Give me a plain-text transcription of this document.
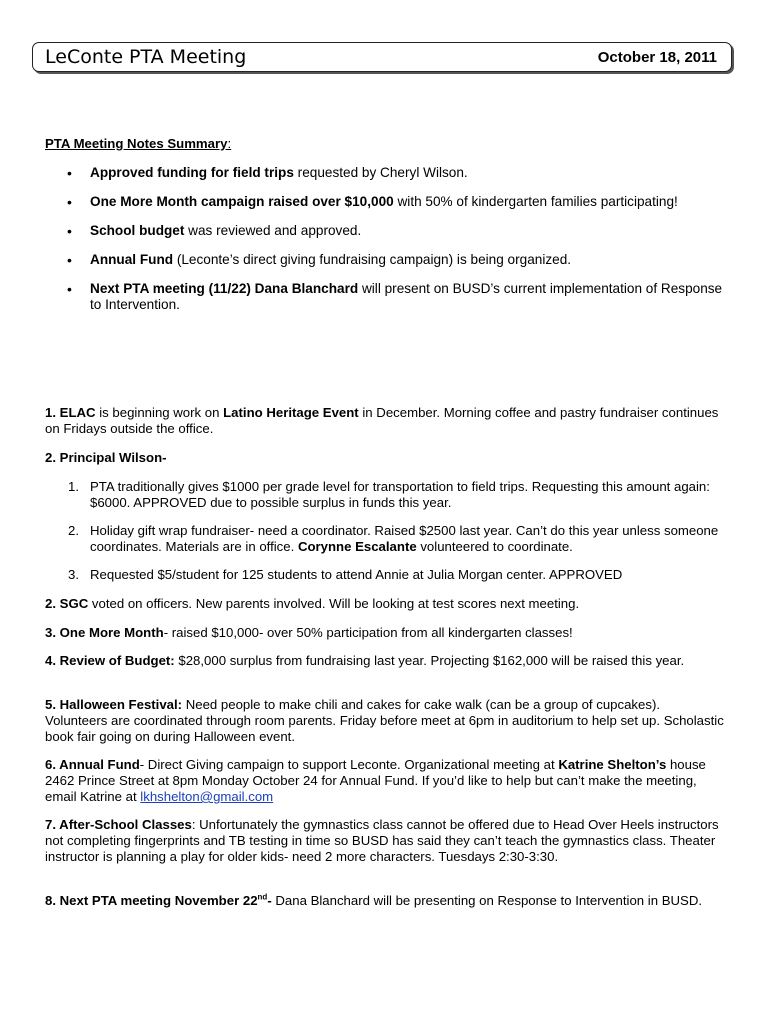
LeConte PTA Meeting	October 18, 2011
PTA Meeting Notes Summary:
• Approved funding for field trips requested by Cheryl Wilson.
• One More Month campaign raised over $10,000 with 50% of kindergarten families participating!
• School budget was reviewed and approved.
• Annual Fund (Leconte’s direct giving fundraising campaign) is being organized.
• Next PTA meeting (11/22) Dana Blanchard will present on BUSD’s current implementation of Response to Intervention.
1. ELAC is beginning work on Latino Heritage Event in December. Morning coffee and pastry fundraiser continues on Fridays outside the office.
2. Principal Wilson-
1. PTA traditionally gives $1000 per grade level for transportation to field trips. Requesting this amount again: $6000. APPROVED due to possible surplus in funds this year.
2. Holiday gift wrap fundraiser- need a coordinator. Raised $2500 last year. Can’t do this year unless someone coordinates. Materials are in office. Corynne Escalante volunteered to coordinate.
3. Requested $5/student for 125 students to attend Annie at Julia Morgan center. APPROVED
2. SGC voted on officers. New parents involved. Will be looking at test scores next meeting.
3. One More Month- raised $10,000- over 50% participation from all kindergarten classes!
4. Review of Budget: $28,000 surplus from fundraising last year. Projecting $162,000 will be raised this year.
5. Halloween Festival: Need people to make chili and cakes for cake walk (can be a group of cupcakes). Volunteers are coordinated through room parents. Friday before meet at 6pm in auditorium to help set up. Scholastic book fair going on during Halloween event.
6. Annual Fund- Direct Giving campaign to support Leconte. Organizational meeting at Katrine Shelton’s house 2462 Prince Street at 8pm Monday October 24 for Annual Fund. If you’d like to help but can’t make the meeting, email Katrine at lkhshelton@gmail.com
7. After-School Classes: Unfortunately the gymnastics class cannot be offered due to Head Over Heels instructors not completing fingerprints and TB testing in time so BUSD has said they can’t teach the gymnastics class. Theater instructor is planning a play for older kids- need 2 more characters. Tuesdays 2:30-3:30.
8. Next PTA meeting November 22nd- Dana Blanchard will be presenting on Response to Intervention in BUSD.
